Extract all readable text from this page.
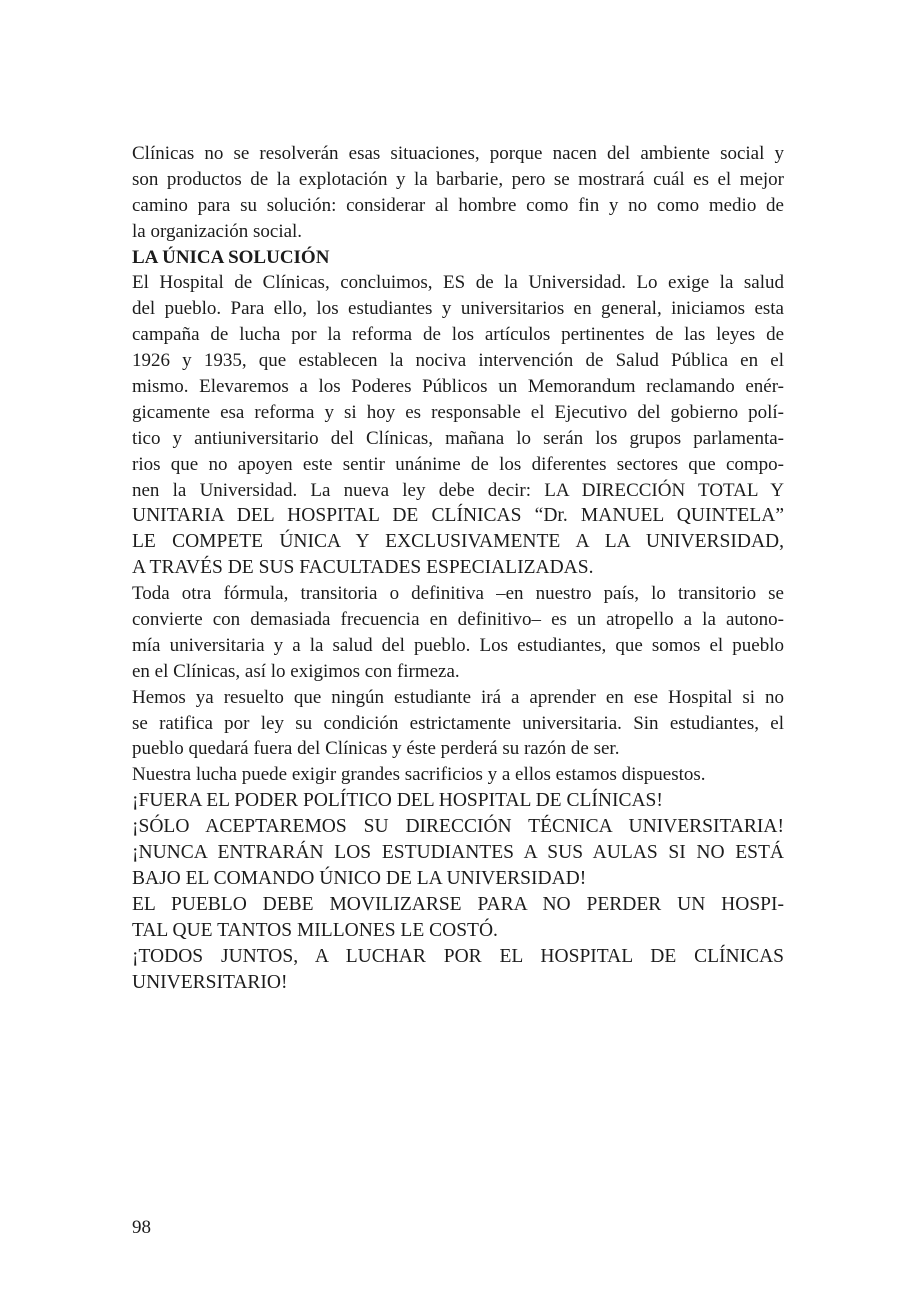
Clínicas no se resolverán esas situaciones, porque nacen del ambiente social y
son productos de la explotación y la barbarie, pero se mostrará cuál es el mejor
camino para su solución: considerar al hombre como fin y no como medio de
la organización social.
LA ÚNICA SOLUCIÓN
El Hospital de Clínicas, concluimos, ES de la Universidad. Lo exige la salud
del pueblo. Para ello, los estudiantes y universitarios en general, iniciamos esta
campaña de lucha por la reforma de los artículos pertinentes de las leyes de
1926 y 1935, que establecen la nociva intervención de Salud Pública en el
mismo. Elevaremos a los Poderes Públicos un Memorandum reclamando enér-
gicamente esa reforma y si hoy es responsable el Ejecutivo del gobierno polí-
tico y antiuniversitario del Clínicas, mañana lo serán los grupos parlamenta-
rios que no apoyen este sentir unánime de los diferentes sectores que compo-
nen la Universidad. La nueva ley debe decir: LA DIRECCIÓN TOTAL Y
UNITARIA DEL HOSPITAL DE CLÍNICAS “Dr. MANUEL QUINTELA”
LE COMPETE ÚNICA Y EXCLUSIVAMENTE A LA UNIVERSIDAD,
A TRAVÉS DE SUS FACULTADES ESPECIALIZADAS.
Toda otra fórmula, transitoria o definitiva –en nuestro país, lo transitorio se
convierte con demasiada frecuencia en definitivo– es un atropello a la autono-
mía universitaria y a la salud del pueblo. Los estudiantes, que somos el pueblo
en el Clínicas, así lo exigimos con firmeza.
Hemos ya resuelto que ningún estudiante irá a aprender en ese Hospital si no
se ratifica por ley su condición estrictamente universitaria. Sin estudiantes, el
pueblo quedará fuera del Clínicas y éste perderá su razón de ser.
Nuestra lucha puede exigir grandes sacrificios y a ellos estamos dispuestos.
¡FUERA EL PODER POLÍTICO DEL HOSPITAL DE CLÍNICAS!
¡SÓLO ACEPTAREMOS SU DIRECCIÓN TÉCNICA UNIVERSITARIA!
¡NUNCA ENTRARÁN LOS ESTUDIANTES A SUS AULAS SI NO ESTÁ
BAJO EL COMANDO ÚNICO DE LA UNIVERSIDAD!
EL PUEBLO DEBE MOVILIZARSE PARA NO PERDER UN HOSPI-
TAL QUE TANTOS MILLONES LE COSTÓ.
¡TODOS JUNTOS, A LUCHAR POR EL HOSPITAL DE CLÍNICAS
UNIVERSITARIO!
98
